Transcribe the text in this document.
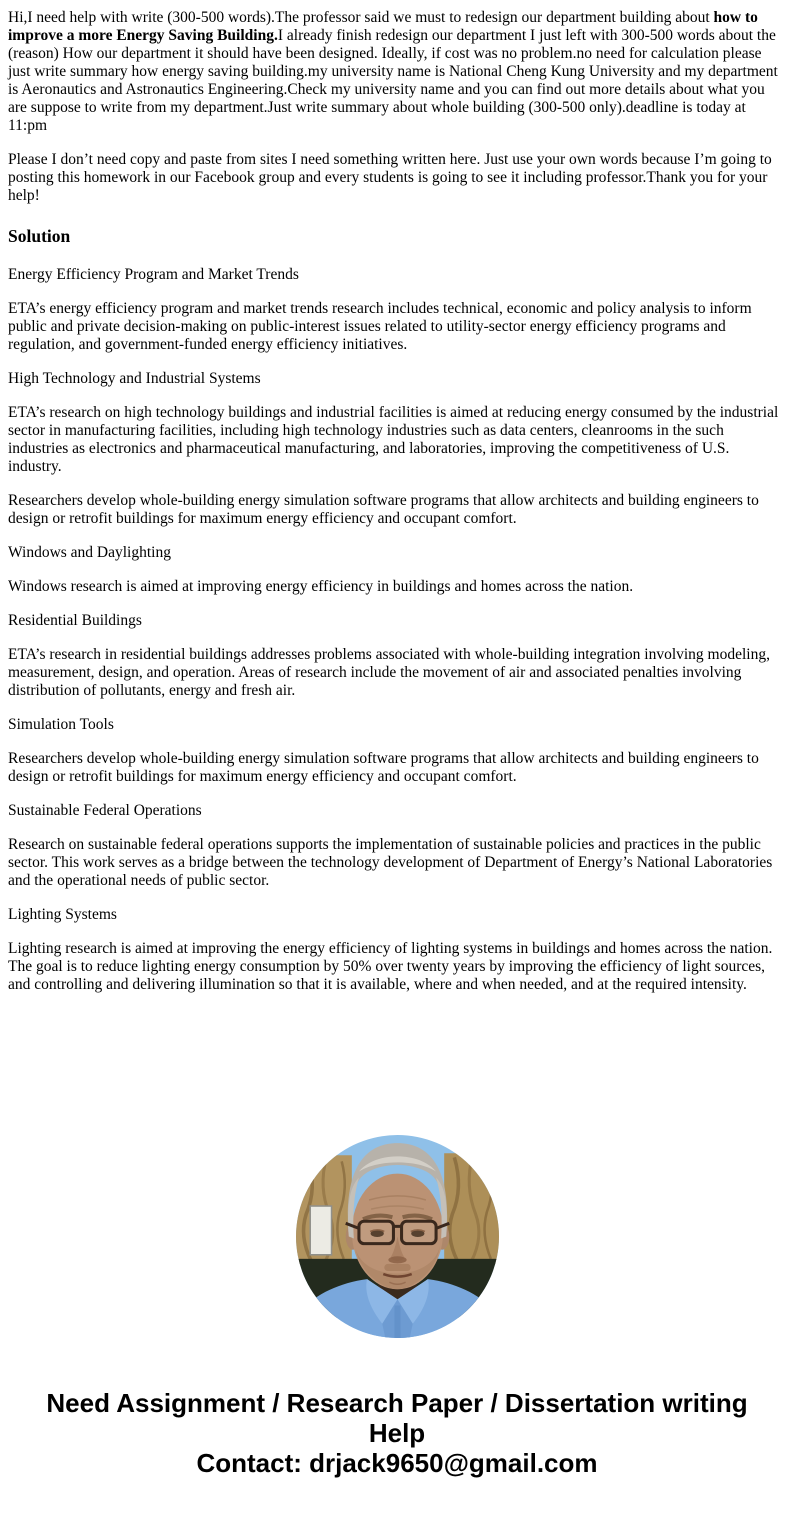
Hi,I need help with write (300-500 words).The professor said we must to redesign our department building about how to improve a more Energy Saving Building.I already finish redesign our department I just left with 300-500 words about the (reason) How our department it should have been designed. Ideally, if cost was no problem.no need for calculation please just write summary how energy saving building.my university name is National Cheng Kung University and my department is Aeronautics and Astronautics Engineering.Check my university name and you can find out more details about what you are suppose to write from my department.Just write summary about whole building (300-500 only).deadline is today at 11:pm

Please I don’t need copy and paste from sites I need something written here. Just use your own words because I’m going to posting this homework in our Facebook group and every students is going to see it including professor.Thank you for your help!

Solution

Energy Efficiency Program and Market Trends

ETA’s energy efficiency program and market trends research includes technical, economic and policy analysis to inform public and private decision-making on public-interest issues related to utility-sector energy efficiency programs and regulation, and government-funded energy efficiency initiatives.

High Technology and Industrial Systems

ETA’s research on high technology buildings and industrial facilities is aimed at reducing energy consumed by the industrial sector in manufacturing facilities, including high technology industries such as data centers, cleanrooms in the such industries as electronics and pharmaceutical manufacturing, and laboratories, improving the competitiveness of U.S. industry.

Researchers develop whole-building energy simulation software programs that allow architects and building engineers to design or retrofit buildings for maximum energy efficiency and occupant comfort.

Windows and Daylighting

Windows research is aimed at improving energy efficiency in buildings and homes across the nation.

Residential Buildings

ETA’s research in residential buildings addresses problems associated with whole-building integration involving modeling, measurement, design, and operation. Areas of research include the movement of air and associated penalties involving distribution of pollutants, energy and fresh air.

Simulation Tools

Researchers develop whole-building energy simulation software programs that allow architects and building engineers to design or retrofit buildings for maximum energy efficiency and occupant comfort.

Sustainable Federal Operations

Research on sustainable federal operations supports the implementation of sustainable policies and practices in the public sector. This work serves as a bridge between the technology development of Department of Energy’s National Laboratories and the operational needs of public sector.

Lighting Systems

Lighting research is aimed at improving the energy efficiency of lighting systems in buildings and homes across the nation. The goal is to reduce lighting energy consumption by 50% over twenty years by improving the efficiency of light sources, and controlling and delivering illumination so that it is available, where and when needed, and at the required intensity.

Need Assignment / Research Paper / Dissertation writing Help
Contact: drjack9650@gmail.com
